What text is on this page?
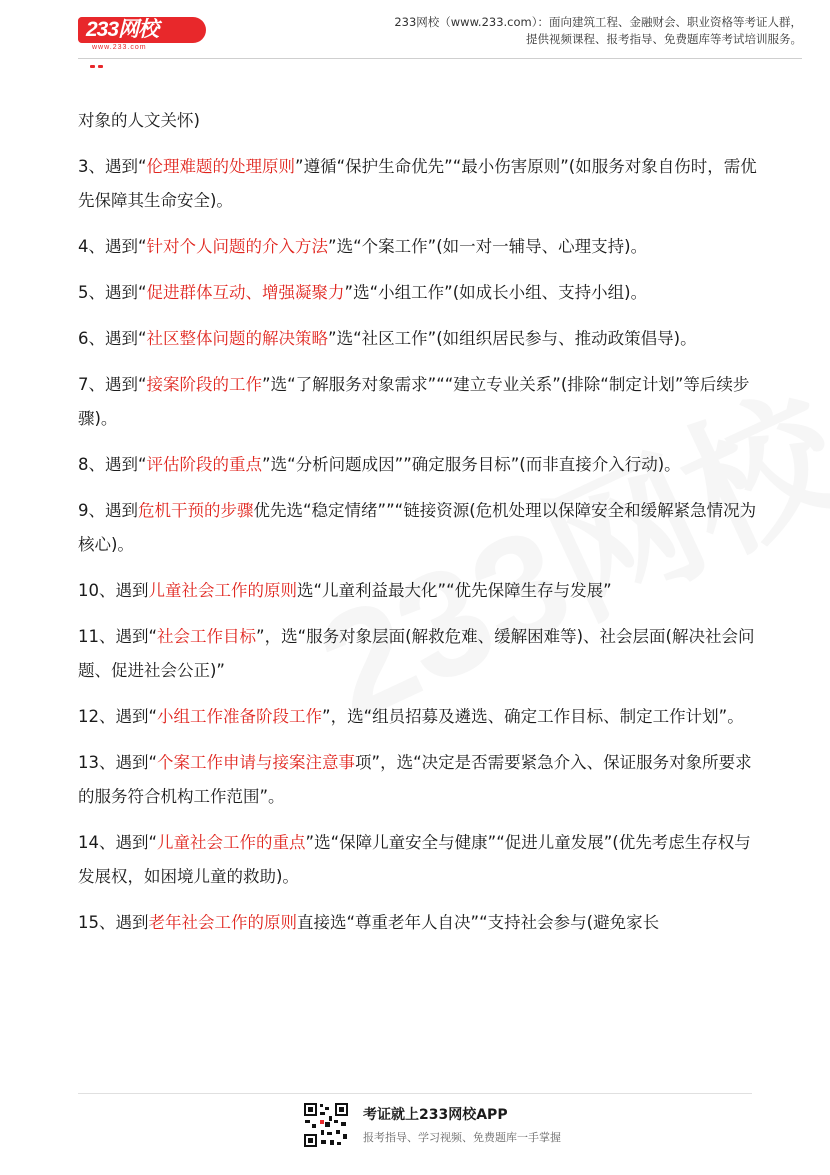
233网校
www.233.com
233网校（www.233.com）：面向建筑工程、金融财会、职业资格等考证人群，
提供视频课程、报考指导、免费题库等考试培训服务。

对象的人文关怀)

3、遇到“伦理难题的处理原则”遵循“保护生命优先”“最小伤害原则”(如服务对象自伤时，需优先保障其生命安全)。

4、遇到“针对个人问题的介入方法”选“个案工作”(如一对一辅导、心理支持)。

5、遇到“促进群体互动、增强凝聚力”选“小组工作”(如成长小组、支持小组)。

6、遇到“社区整体问题的解决策略”选“社区工作”(如组织居民参与、推动政策倡导)。

7、遇到“接案阶段的工作”选“了解服务对象需求”““建立专业关系”(排除“制定计划”等后续步骤)。

8、遇到“评估阶段的重点”选“分析问题成因””确定服务目标”(而非直接介入行动)。

9、遇到危机干预的步骤优先选“稳定情绪””“链接资源(危机处理以保障安全和缓解紧急情况为核心)。

10、遇到儿童社会工作的原则选“儿童利益最大化”“优先保障生存与发展”

11、遇到“社会工作目标”，选“服务对象层面(解救危难、缓解困难等)、社会层面(解决社会问题、促进社会公正)”

12、遇到“小组工作准备阶段工作”，选“组员招募及遴选、确定工作目标、制定工作计划”。

13、遇到“个案工作申请与接案注意事项”，选“决定是否需要紧急介入、保证服务对象所要求的服务符合机构工作范围”。

14、遇到“儿童社会工作的重点”选“保障儿童安全与健康”“促进儿童发展”(优先考虑生存权与发展权，如困境儿童的救助)。

15、遇到老年社会工作的原则直接选“尊重老年人自决”“支持社会参与(避免家长

考证就上233网校APP
报考指导、学习视频、免费题库一手掌握
